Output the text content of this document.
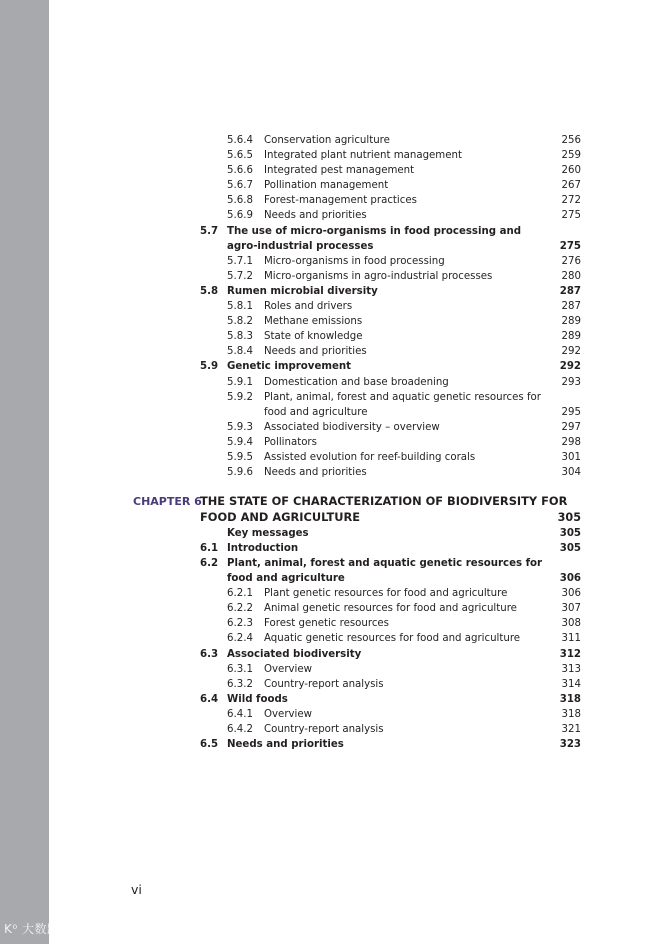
5.6.4 Conservation agriculture	256
5.6.5 Integrated plant nutrient management	259
5.6.6 Integrated pest management	260
5.6.7 Pollination management	267
5.6.8 Forest-management practices	272
5.6.9 Needs and priorities	275
5.7 The use of micro-organisms in food processing and
agro-industrial processes	275
5.7.1 Micro-organisms in food processing	276
5.7.2 Micro-organisms in agro-industrial processes	280
5.8 Rumen microbial diversity	287
5.8.1 Roles and drivers	287
5.8.2 Methane emissions	289
5.8.3 State of knowledge	289
5.8.4 Needs and priorities	292
5.9 Genetic improvement	292
5.9.1 Domestication and base broadening	293
5.9.2 Plant, animal, forest and aquatic genetic resources for
food and agriculture	295
5.9.3 Associated biodiversity – overview	297
5.9.4 Pollinators	298
5.9.5 Assisted evolution for reef-building corals	301
5.9.6 Needs and priorities	304
CHAPTER 6
THE STATE OF CHARACTERIZATION OF BIODIVERSITY FOR
FOOD AND AGRICULTURE	305
Key messages	305
6.1 Introduction	305
6.2 Plant, animal, forest and aquatic genetic resources for
food and agriculture	306
6.2.1 Plant genetic resources for food and agriculture	306
6.2.2 Animal genetic resources for food and agriculture	307
6.2.3 Forest genetic resources	308
6.2.4 Aquatic genetic resources for food and agriculture	311
6.3 Associated biodiversity	312
6.3.1 Overview	313
6.3.2 Country-report analysis	314
6.4 Wild foods	318
6.4.1 Overview	318
6.4.2 Country-report analysis	321
6.5 Needs and priorities	323
vi
K⁰ 大数跨境
